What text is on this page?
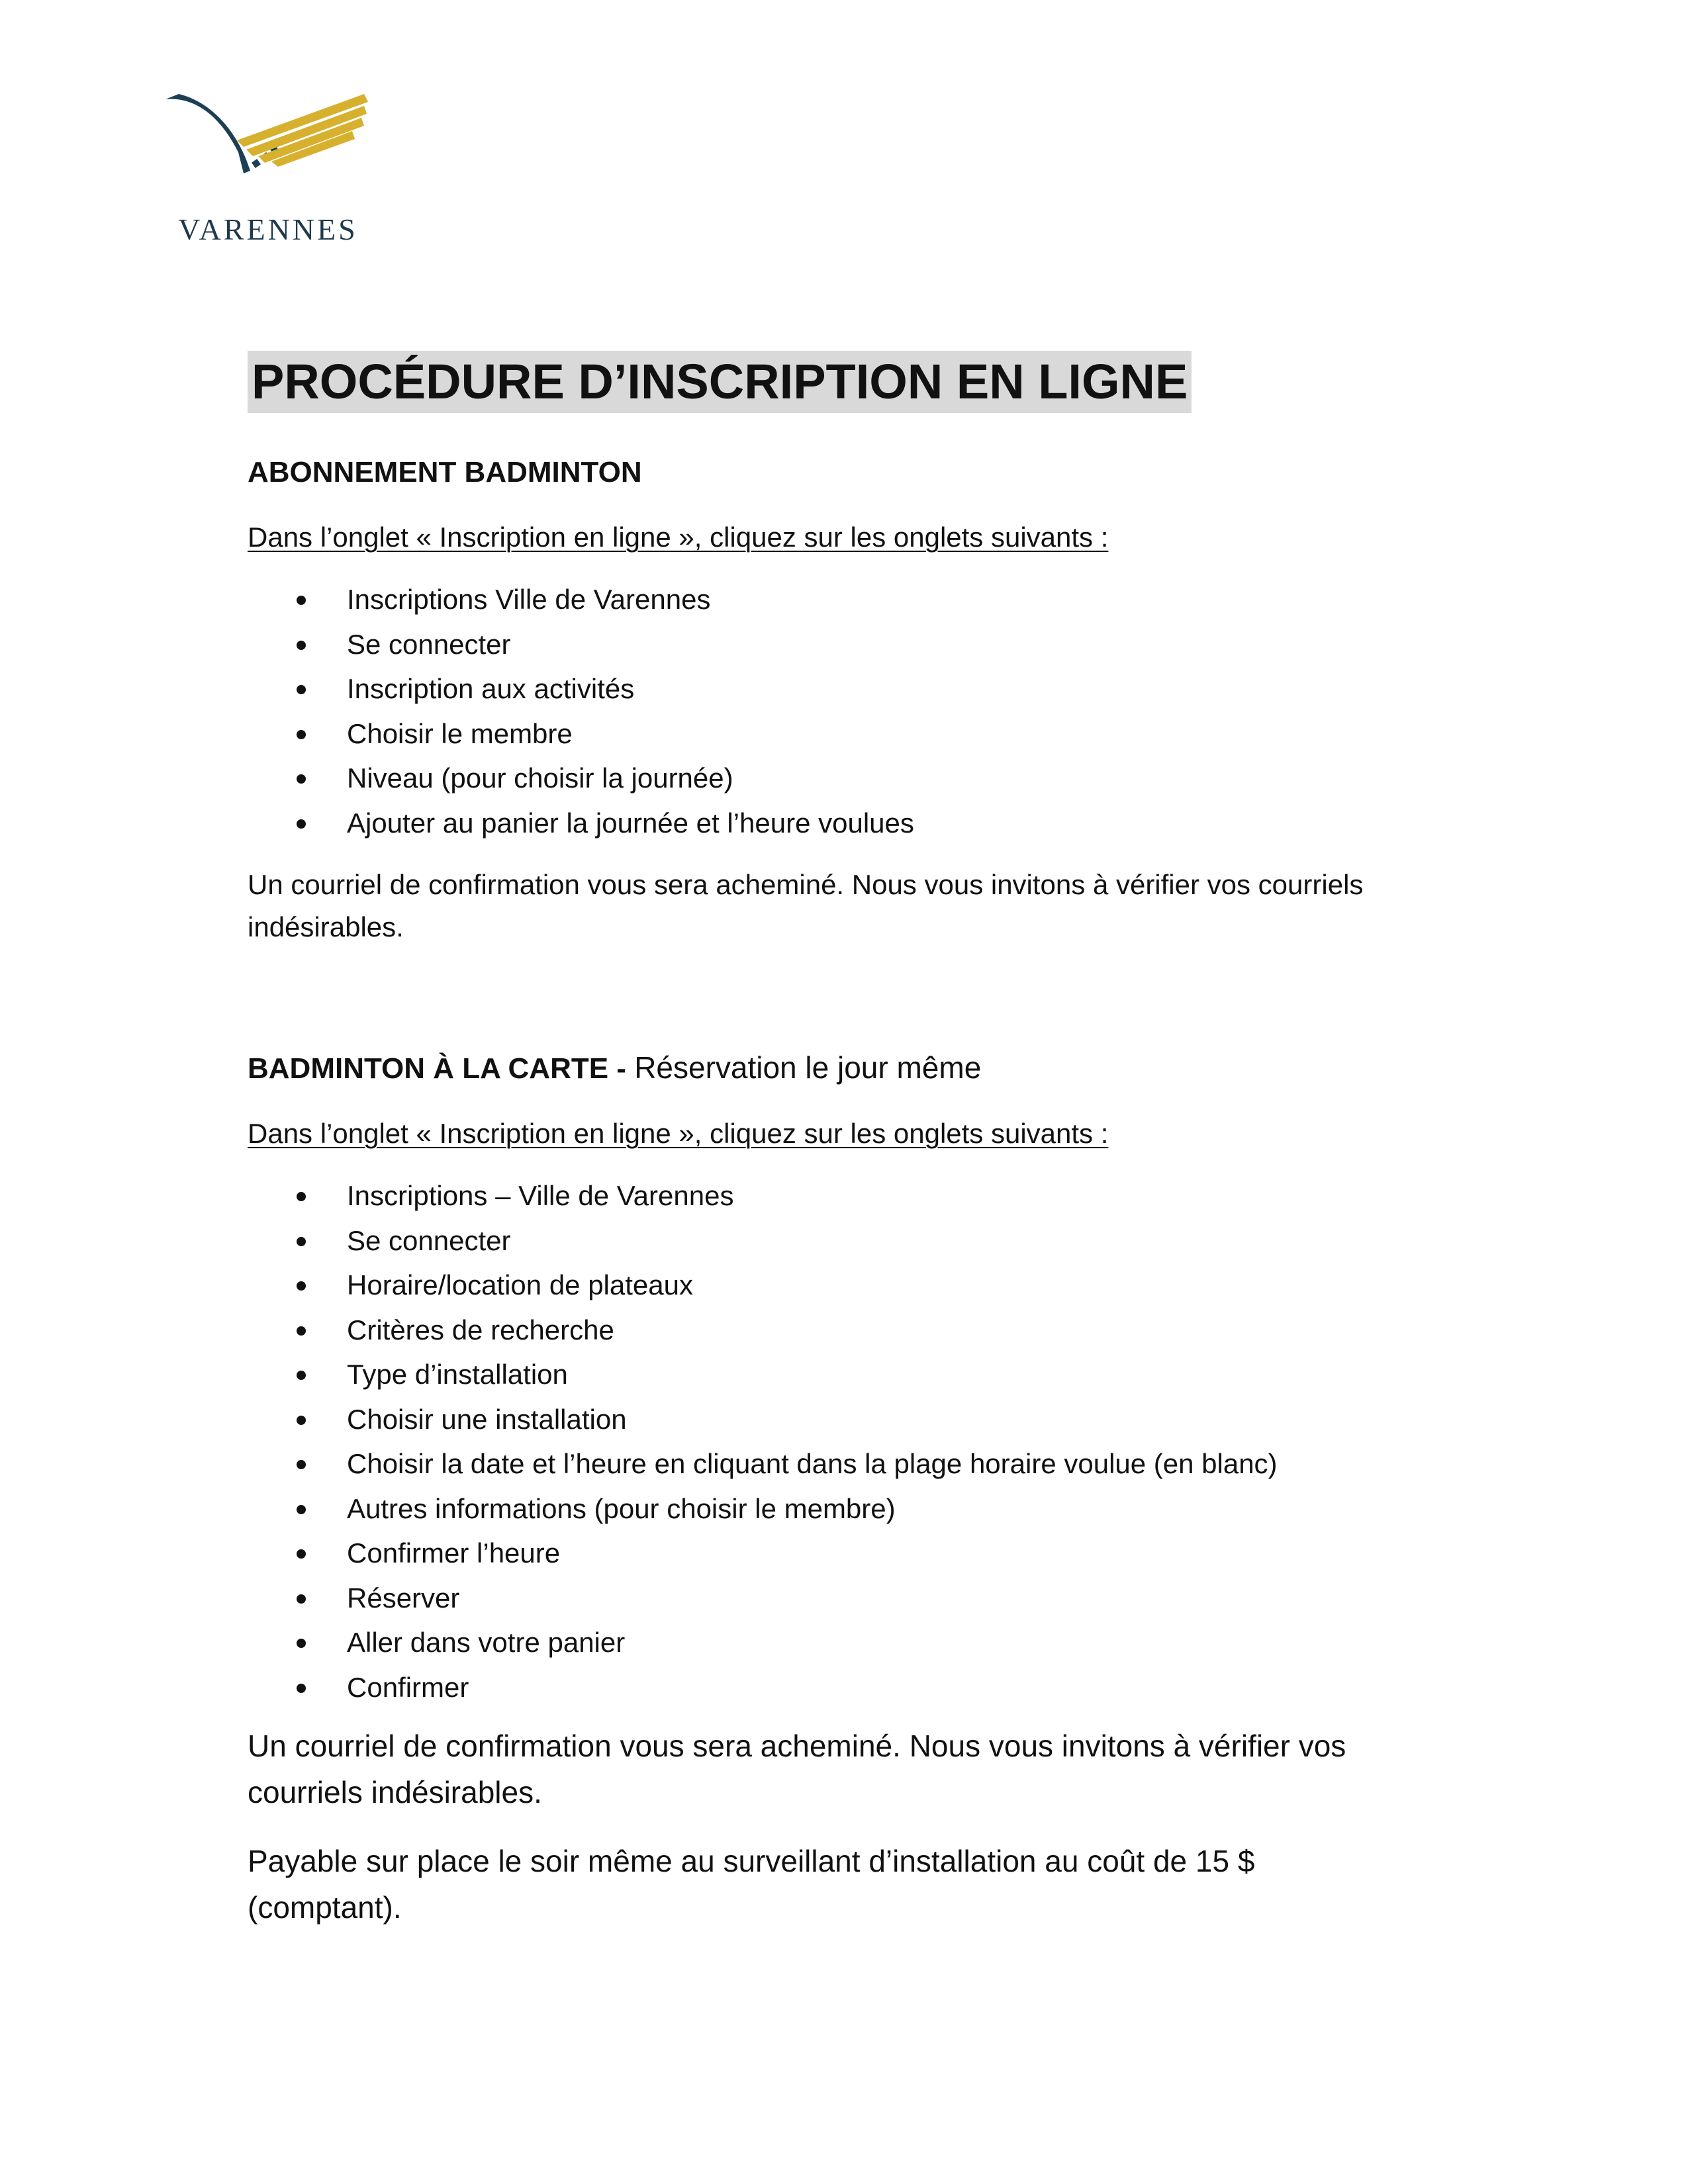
VARENNES
PROCÉDURE D’INSCRIPTION EN LIGNE

ABONNEMENT BADMINTON

Dans l’onglet « Inscription en ligne », cliquez sur les onglets suivants :

Inscriptions Ville de Varennes
Se connecter
Inscription aux activités
Choisir le membre
Niveau (pour choisir la journée)
Ajouter au panier la journée et l’heure voulues

Un courriel de confirmation vous sera acheminé. Nous vous invitons à vérifier vos courriels

indésirables.

BADMINTON À LA CARTE - Réservation le jour même

Dans l’onglet « Inscription en ligne », cliquez sur les onglets suivants :

Inscriptions – Ville de Varennes
Se connecter
Horaire/location de plateaux
Critères de recherche
Type d’installation
Choisir une installation
Choisir la date et l’heure en cliquant dans la plage horaire voulue (en blanc)
Autres informations (pour choisir le membre)
Confirmer l’heure
Réserver
Aller dans votre panier
Confirmer

Un courriel de confirmation vous sera acheminé. Nous vous invitons à vérifier vos

courriels indésirables.

Payable sur place le soir même au surveillant d’installation au coût de 15 $

(comptant).
